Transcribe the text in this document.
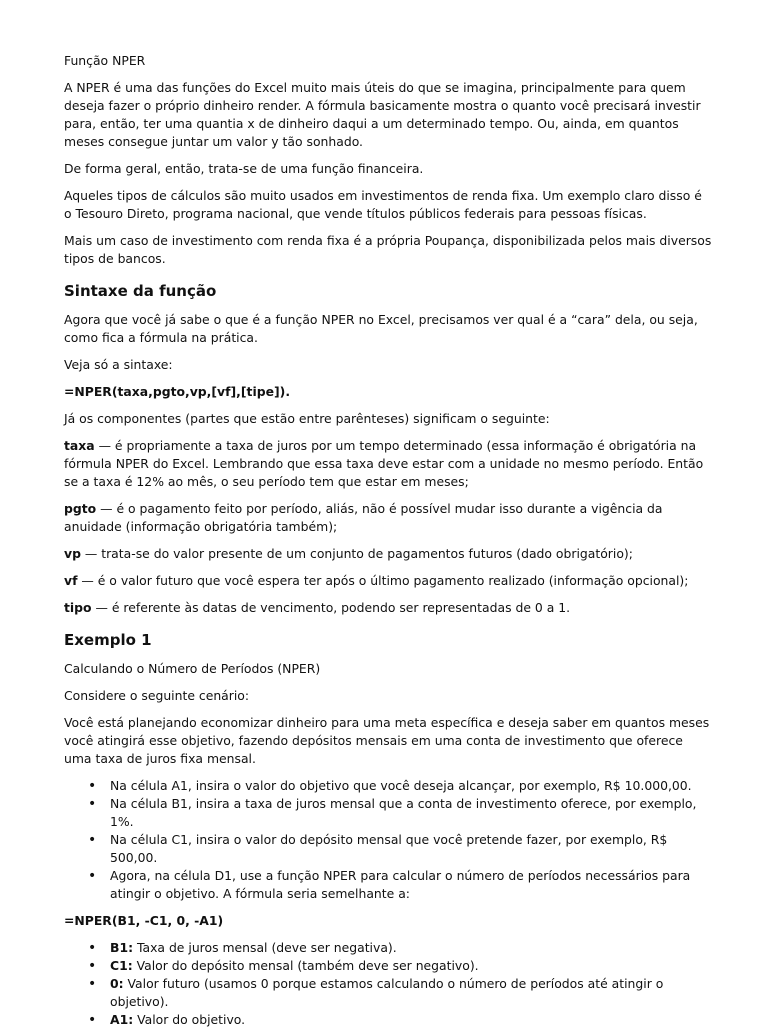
Função NPER

A NPER é uma das funções do Excel muito mais úteis do que se imagina, principalmente para quem deseja fazer o próprio dinheiro render. A fórmula basicamente mostra o quanto você precisará investir para, então, ter uma quantia x de dinheiro daqui a um determinado tempo. Ou, ainda, em quantos meses consegue juntar um valor y tão sonhado.

De forma geral, então, trata-se de uma função financeira.

Aqueles tipos de cálculos são muito usados em investimentos de renda fixa. Um exemplo claro disso é o Tesouro Direto, programa nacional, que vende títulos públicos federais para pessoas físicas.

Mais um caso de investimento com renda fixa é a própria Poupança, disponibilizada pelos mais diversos tipos de bancos.

Sintaxe da função

Agora que você já sabe o que é a função NPER no Excel, precisamos ver qual é a “cara” dela, ou seja, como fica a fórmula na prática.

Veja só a sintaxe:

=NPER(taxa,pgto,vp,[vf],[tipe]).

Já os componentes (partes que estão entre parênteses) significam o seguinte:

taxa — é propriamente a taxa de juros por um tempo determinado (essa informação é obrigatória na fórmula NPER do Excel. Lembrando que essa taxa deve estar com a unidade no mesmo período. Então se a taxa é 12% ao mês, o seu período tem que estar em meses;

pgto — é o pagamento feito por período, aliás, não é possível mudar isso durante a vigência da anuidade (informação obrigatória também);

vp — trata-se do valor presente de um conjunto de pagamentos futuros (dado obrigatório);

vf — é o valor futuro que você espera ter após o último pagamento realizado (informação opcional);

tipo — é referente às datas de vencimento, podendo ser representadas de 0 a 1.

Exemplo 1

Calculando o Número de Períodos (NPER)

Considere o seguinte cenário:

Você está planejando economizar dinheiro para uma meta específica e deseja saber em quantos meses você atingirá esse objetivo, fazendo depósitos mensais em uma conta de investimento que oferece uma taxa de juros fixa mensal.

• Na célula A1, insira o valor do objetivo que você deseja alcançar, por exemplo, R$ 10.000,00.
• Na célula B1, insira a taxa de juros mensal que a conta de investimento oferece, por exemplo, 1%.
• Na célula C1, insira o valor do depósito mensal que você pretende fazer, por exemplo, R$ 500,00.
• Agora, na célula D1, use a função NPER para calcular o número de períodos necessários para atingir o objetivo. A fórmula seria semelhante a:

=NPER(B1, -C1, 0, -A1)

• B1: Taxa de juros mensal (deve ser negativa).
• C1: Valor do depósito mensal (também deve ser negativo).
• 0: Valor futuro (usamos 0 porque estamos calculando o número de períodos até atingir o objetivo).
• A1: Valor do objetivo.
